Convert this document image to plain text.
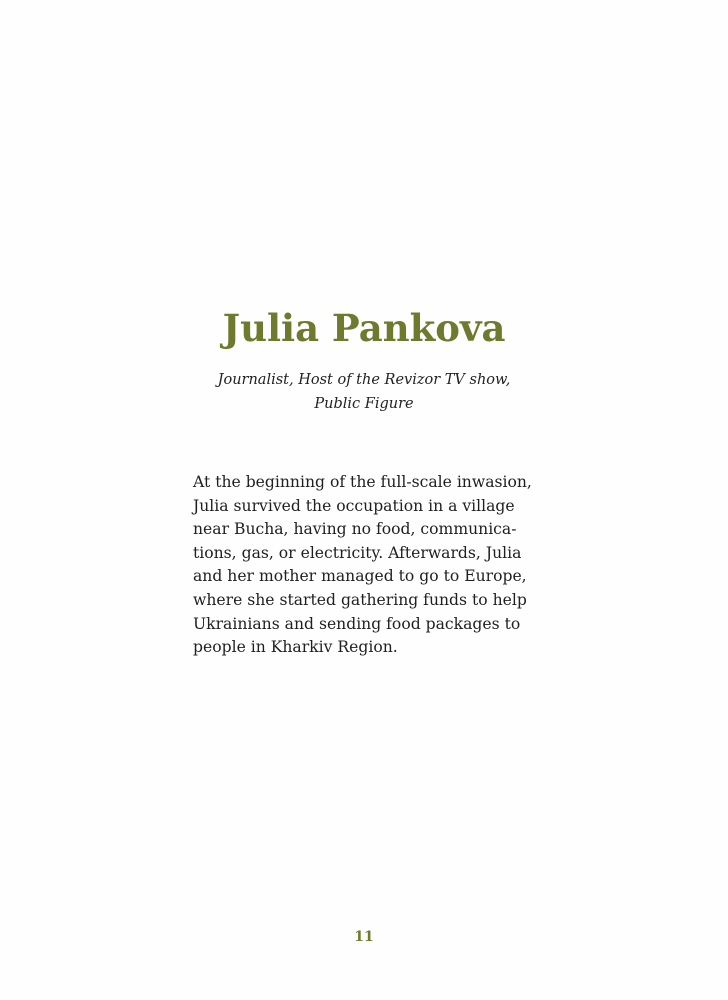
Julia Pankova

Journalist, Host of the Revizor TV show,
Public Figure

At the beginning of the full-scale inwasion,
Julia survived the occupation in a village
near Bucha, having no food, communica-
tions, gas, or electricity. Afterwards, Julia
and her mother managed to go to Europe,
where she started gathering funds to help
Ukrainians and sending food packages to
people in Kharkiv Region.

11
